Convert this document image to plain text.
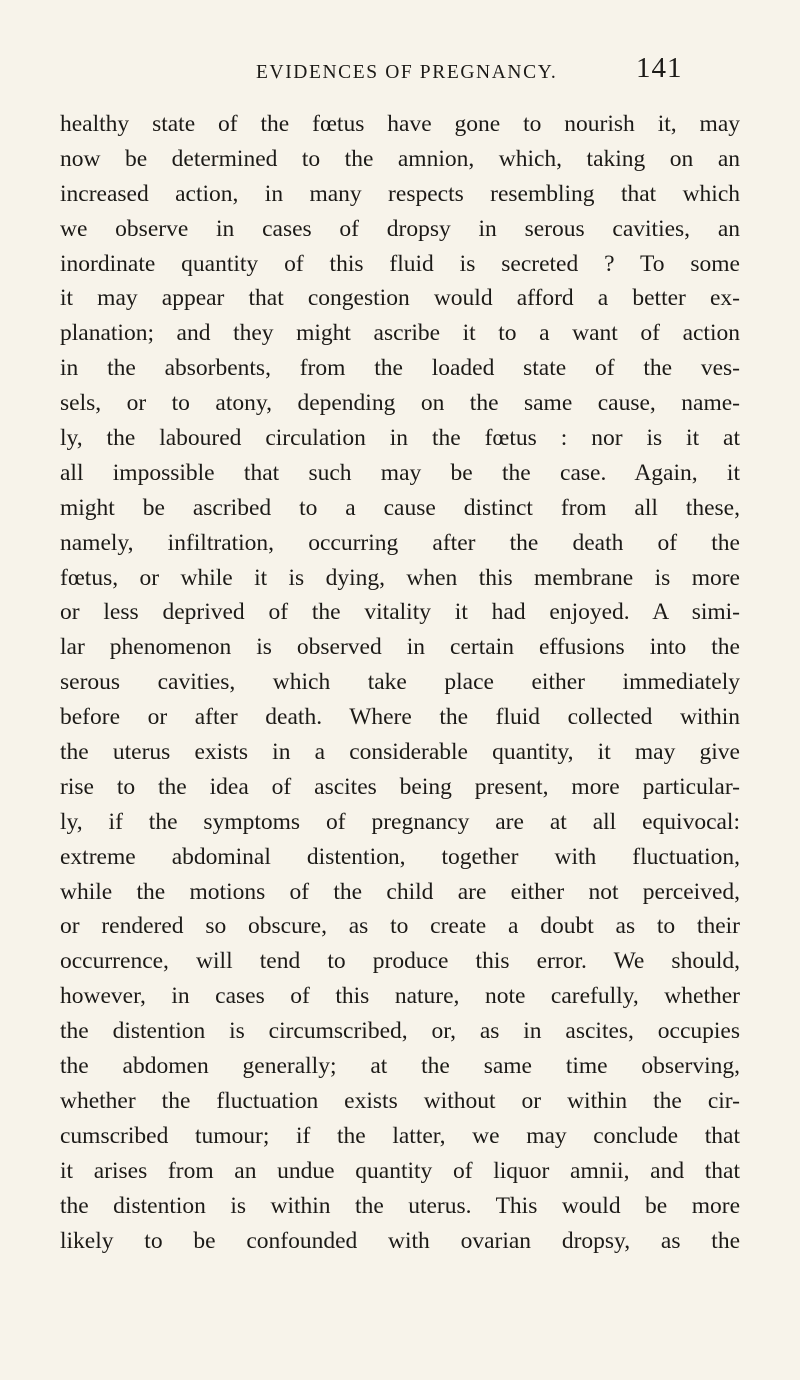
EVIDENCES OF PREGNANCY.	141
healthy state of the fœtus have gone to nourish it, may
now be determined to the amnion, which, taking on an
increased action, in many respects resembling that which
we observe in cases of dropsy in serous cavities, an
inordinate quantity of this fluid is secreted ? To some
it may appear that congestion would afford a better ex-
planation; and they might ascribe it to a want of action
in the absorbents, from the loaded state of the ves-
sels, or to atony, depending on the same cause, name-
ly, the laboured circulation in the fœtus : nor is it at
all impossible that such may be the case. Again, it
might be ascribed to a cause distinct from all these,
namely, infiltration, occurring after the death of the
fœtus, or while it is dying, when this membrane is more
or less deprived of the vitality it had enjoyed. A simi-
lar phenomenon is observed in certain effusions into the
serous cavities, which take place either immediately
before or after death. Where the fluid collected within
the uterus exists in a considerable quantity, it may give
rise to the idea of ascites being present, more particular-
ly, if the symptoms of pregnancy are at all equivocal:
extreme abdominal distention, together with fluctuation,
while the motions of the child are either not perceived,
or rendered so obscure, as to create a doubt as to their
occurrence, will tend to produce this error. We should,
however, in cases of this nature, note carefully, whether
the distention is circumscribed, or, as in ascites, occupies
the abdomen generally; at the same time observing,
whether the fluctuation exists without or within the cir-
cumscribed tumour; if the latter, we may conclude that
it arises from an undue quantity of liquor amnii, and that
the distention is within the uterus. This would be more
likely to be confounded with ovarian dropsy, as the
